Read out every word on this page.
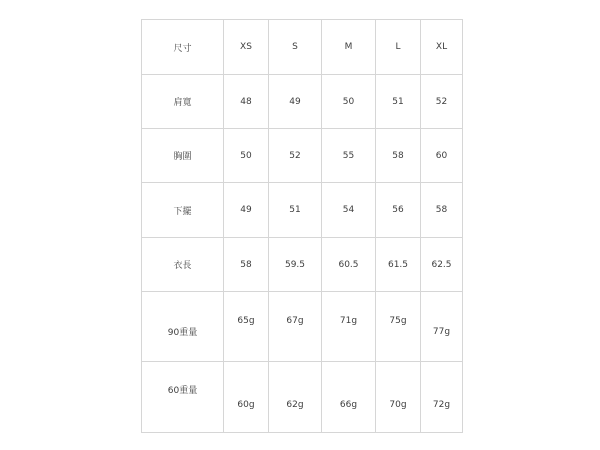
尺寸	XS	S	M	L	XL
肩寬	48	49	50	51	52
胸圍	50	52	55	58	60
下擺	49	51	54	56	58
衣長	58	59.5	60.5	61.5	62.5
90重量	65g	67g	71g	75g	77g
60重量	60g	62g	66g	70g	72g
